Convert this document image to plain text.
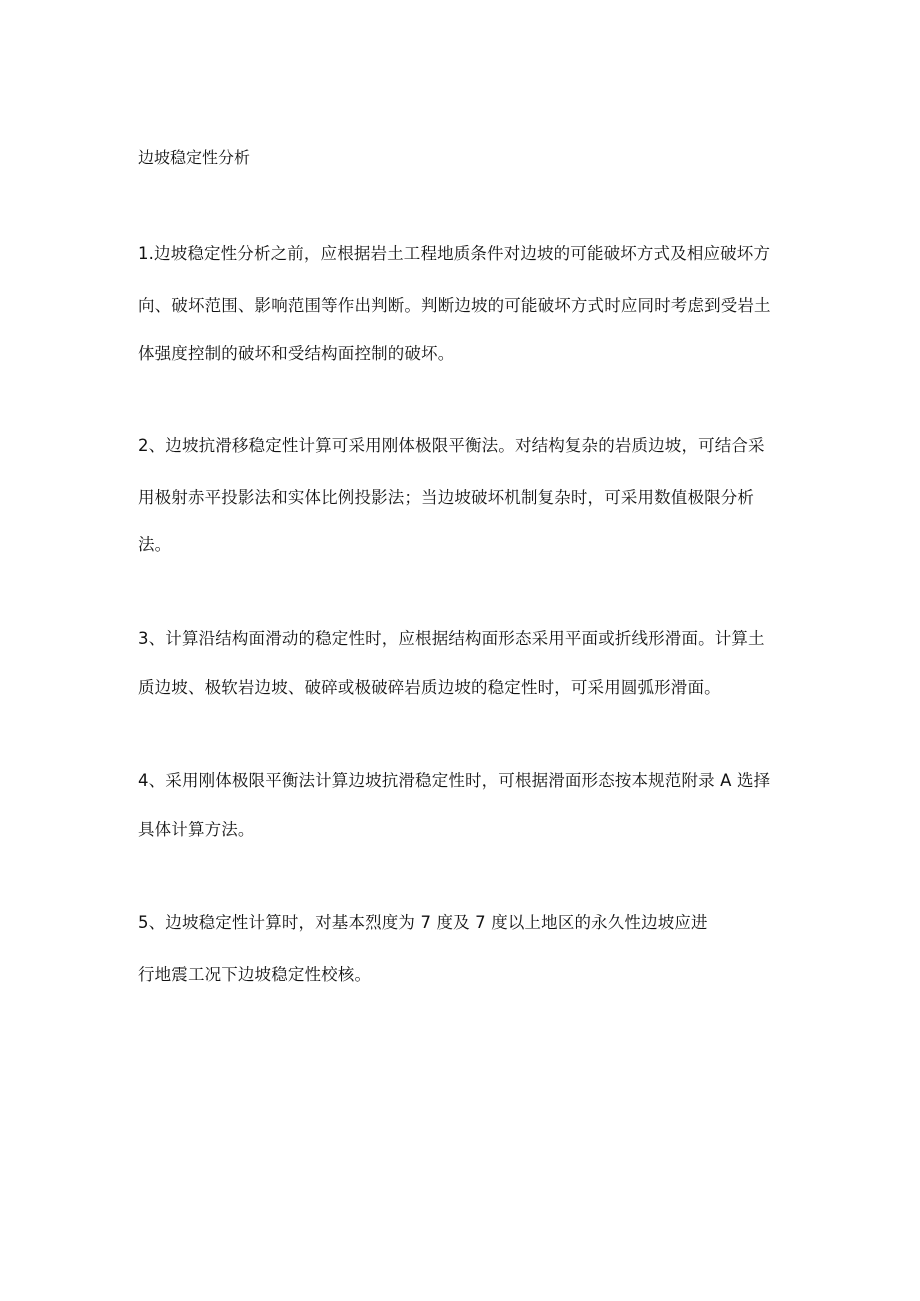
边坡稳定性分析
1.边坡稳定性分析之前，应根据岩土工程地质条件对边坡的可能破坏方式及相应破坏方
向、破坏范围、影响范围等作出判断。判断边坡的可能破坏方式时应同时考虑到受岩土
体强度控制的破坏和受结构面控制的破坏。
2、边坡抗滑移稳定性计算可采用刚体极限平衡法。对结构复杂的岩质边坡，可结合采
用极射赤平投影法和实体比例投影法；当边坡破坏机制复杂时，可采用数值极限分析
法。
3、计算沿结构面滑动的稳定性时，应根据结构面形态采用平面或折线形滑面。计算土
质边坡、极软岩边坡、破碎或极破碎岩质边坡的稳定性时，可采用圆弧形滑面。
4、采用刚体极限平衡法计算边坡抗滑稳定性时，可根据滑面形态按本规范附录 A 选择
具体计算方法。
5、边坡稳定性计算时，对基本烈度为 7 度及 7 度以上地区的永久性边坡应进
行地震工况下边坡稳定性校核。
